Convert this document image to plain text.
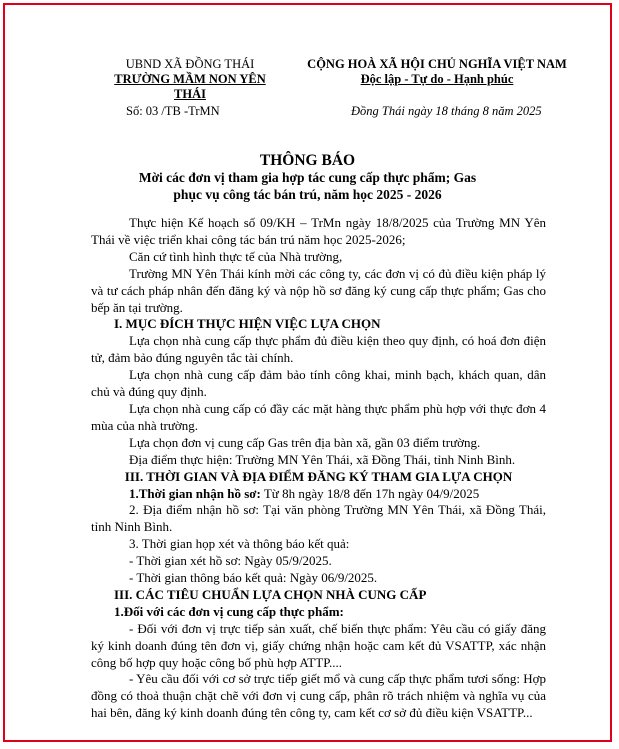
UBND XÃ ĐỒNG THÁI
TRƯỜNG MẦM NON YÊN THÁI
CỘNG HOÀ XÃ HỘI CHỦ NGHĨA VIỆT NAM
Độc lập - Tự do - Hạnh phúc
Số: 03 /TB -TrMN	Đồng Thái ngày 18 tháng 8 năm 2025
THÔNG BÁO
Mời các đơn vị tham gia hợp tác cung cấp thực phẩm; Gas
phục vụ công tác bán trú, năm học 2025 - 2026

Thực hiện Kế hoạch số 09/KH – TrMn ngày 18/8/2025 của Trường MN Yên Thái về việc triển khai công tác bán trú năm học 2025-2026;

Căn cứ tình hình thực tế của Nhà trường,

Trường MN Yên Thái kính mời các công ty, các đơn vị có đủ điều kiện pháp lý và tư cách pháp nhân đến đăng ký và nộp hồ sơ đăng ký cung cấp thực phẩm; Gas cho bếp ăn tại trường.

I. MỤC ĐÍCH THỰC HIỆN VIỆC LỰA CHỌN

Lựa chọn nhà cung cấp thực phẩm đủ điều kiện theo quy định, có hoá đơn điện tử, đảm bảo đúng nguyên tắc tài chính.

Lựa chọn nhà cung cấp đảm bảo tính công khai, minh bạch, khách quan, dân chủ và đúng quy định.

Lựa chọn nhà cung cấp có đầy các mặt hàng thực phẩm phù hợp với thực đơn 4 mùa của nhà trường.

Lựa chọn đơn vị cung cấp Gas trên địa bàn xã, gần 03 điểm trường.

Địa điểm thực hiện: Trường MN Yên Thái, xã Đồng Thái, tỉnh Ninh Bình.

III. THỜI GIAN VÀ ĐỊA ĐIỂM ĐĂNG KÝ THAM GIA LỰA CHỌN

1.Thời gian nhận hồ sơ: Từ 8h ngày 18/8 đến 17h ngày 04/9/2025

2. Địa điểm nhận hồ sơ: Tại văn phòng Trường MN Yên Thái, xã Đồng Thái, tỉnh Ninh Bình.

3. Thời gian họp xét và thông báo kết quả:

- Thời gian xét hồ sơ: Ngày 05/9/2025.

- Thời gian thông báo kết quả: Ngày 06/9/2025.

III. CÁC TIÊU CHUẨN LỰA CHỌN NHÀ CUNG CẤP

1.Đối với các đơn vị cung cấp thực phẩm:

- Đối với đơn vị trực tiếp sản xuất, chế biến thực phẩm: Yêu cầu có giấy đăng ký kinh doanh đúng tên đơn vị, giấy chứng nhận hoặc cam kết đủ VSATTP, xác nhận công bố hợp quy hoặc công bố phù hợp ATTP....

- Yêu cầu đối với cơ sở trực tiếp giết mổ và cung cấp thực phẩm tươi sống: Hợp đồng có thoả thuận chặt chẽ với đơn vị cung cấp, phân rõ trách nhiệm và nghĩa vụ của hai bên, đăng ký kinh doanh đúng tên công ty, cam kết cơ sở đủ điều kiện VSATTP...
